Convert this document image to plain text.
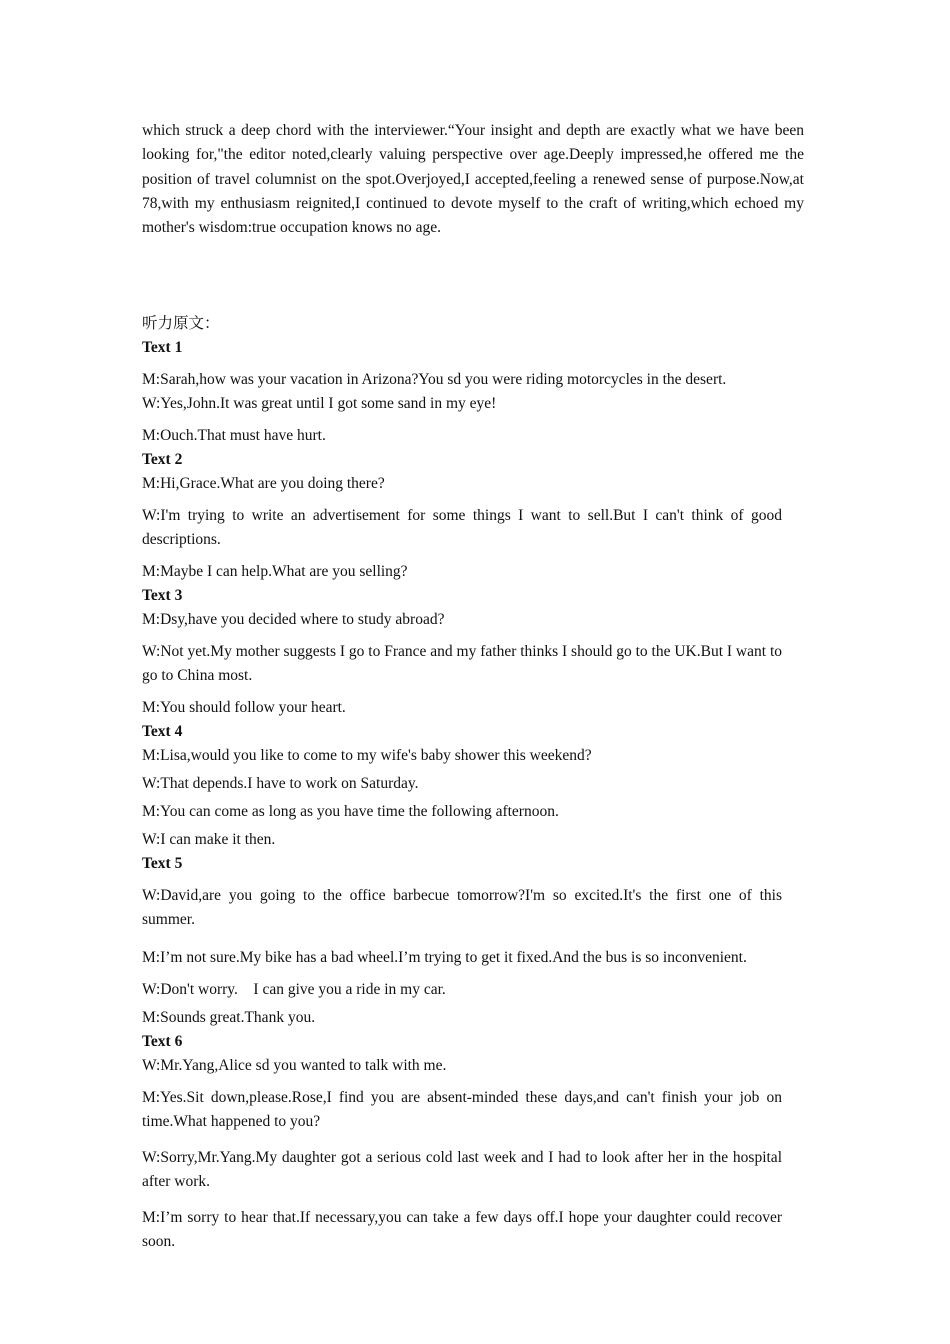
which struck a deep chord with the interviewer.“Your insight and depth are exactly what we have been looking for,"the editor noted,clearly valuing perspective over age.Deeply impressed,he offered me the position of travel columnist on the spot.Overjoyed,I accepted,feeling a renewed sense of purpose.Now,at 78,with my enthusiasm reignited,I continued to devote myself to the craft of writing,which echoed my mother's wisdom:true occupation knows no age.

听力原文：
Text 1
M:Sarah,how was your vacation in Arizona?You sd you were riding motorcycles in the desert.
W:Yes,John.It was great until I got some sand in my eye!
M:Ouch.That must have hurt.
Text 2
M:Hi,Grace.What are you doing there?
W:I'm trying to write an advertisement for some things I want to sell.But I can't think of good descriptions.
M:Maybe I can help.What are you selling?
Text 3
M:Dsy,have you decided where to study abroad?
W:Not yet.My mother suggests I go to France and my father thinks I should go to the UK.But I want to go to China most.
M:You should follow your heart.
Text 4
M:Lisa,would you like to come to my wife's baby shower this weekend?
W:That depends.I have to work on Saturday.
M:You can come as long as you have time the following afternoon.
W:I can make it then.
Text 5
W:David,are you going to the office barbecue tomorrow?I'm so excited.It's the first one of this summer.
M:I’m not sure.My bike has a bad wheel.I’m trying to get it fixed.And the bus is so inconvenient.
W:Don't worry.    I can give you a ride in my car.
M:Sounds great.Thank you.
Text 6
W:Mr.Yang,Alice sd you wanted to talk with me.
M:Yes.Sit down,please.Rose,I find you are absent-minded these days,and can't finish your job on time.What happened to you?
W:Sorry,Mr.Yang.My daughter got a serious cold last week and I had to look after her in the hospital after work.
M:I’m sorry to hear that.If necessary,you can take a few days off.I hope your daughter could recover soon.
